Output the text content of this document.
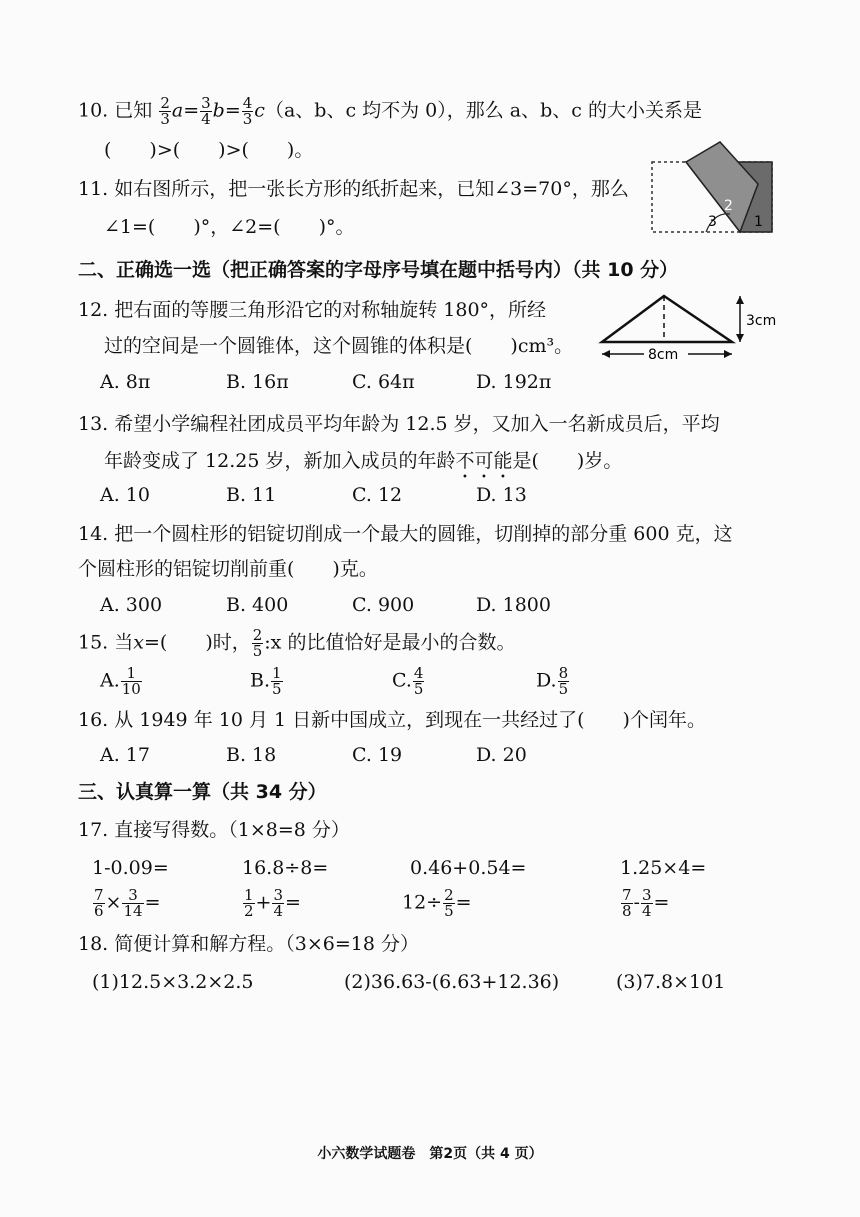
10. 已知 $\frac{2}{3} a= \frac{3}{4} b= \frac{4}{3} c(a$、b、c 均不为 0），那么 a、b、c 的大小关系是
(　　)>(　　)>(　　)。
11. 如右图所示，把一张长方形的纸折起来，已知∠3=70°，那么
∠1=(　　)°，∠2=(　　)°。	3
2
1
二、正确选一选（把正确答案的字母序号填在题中括号内）（共 10 分）
12. 把右面的等腰三角形沿它的对称轴旋转 180°，所经
过的空间是一个圆锥体，这个圆锥的体积是(　　)cm³。
A. 8π	B. 16π	C. 64π	D. 192π
3cm
8cm
13. 希望小学编程社团成员平均年龄为 12.5 岁，又加入一名新成员后，平均
年龄变成了 12.25 岁，新加入成员的年龄不可能是(　　)岁。
A. 10	B. 11	C. 12	D. 13
14. 把一个圆柱形的铝锭切削成一个最大的圆锥，切削掉的部分重 600 克，这
个圆柱形的铝锭切削前重(　　)克。
A. 300	B. 400	C. 900	D. 1800
15. 当x=(　　)时， $\frac{2}{5}$ :x 的比值恰好是最小的合数。
A. $\frac{1}{10}$	B. $\frac{1}{5}$	C. $\frac{4}{5}$	D. $\frac{8}{5}$
16. 从 1949 年 10 月 1 日新中国成立，到现在一共经过了(　　)个闰年。
A. 17	B. 18	C. 19	D. 20
三、认真算一算（共 34 分）
17. 直接写得数。（1×8=8 分）
1-0.09=	16.8÷8=	0.46+0.54=	1.25×4=
$\frac{7}{6} \times \frac{3}{14}$ =	$\frac{1}{2} + \frac{3}{4}$ =	$12\div \frac{2}{5}$ =	$\frac{7}{8} - \frac{3}{4}$ =
18. 简便计算和解方程。（3×6=18 分）
(1)12.5×3.2×2.5	(2)36.63-(6.63+12.36)	(3)7.8×101
小六数学试题卷　第2页（共 4 页）
